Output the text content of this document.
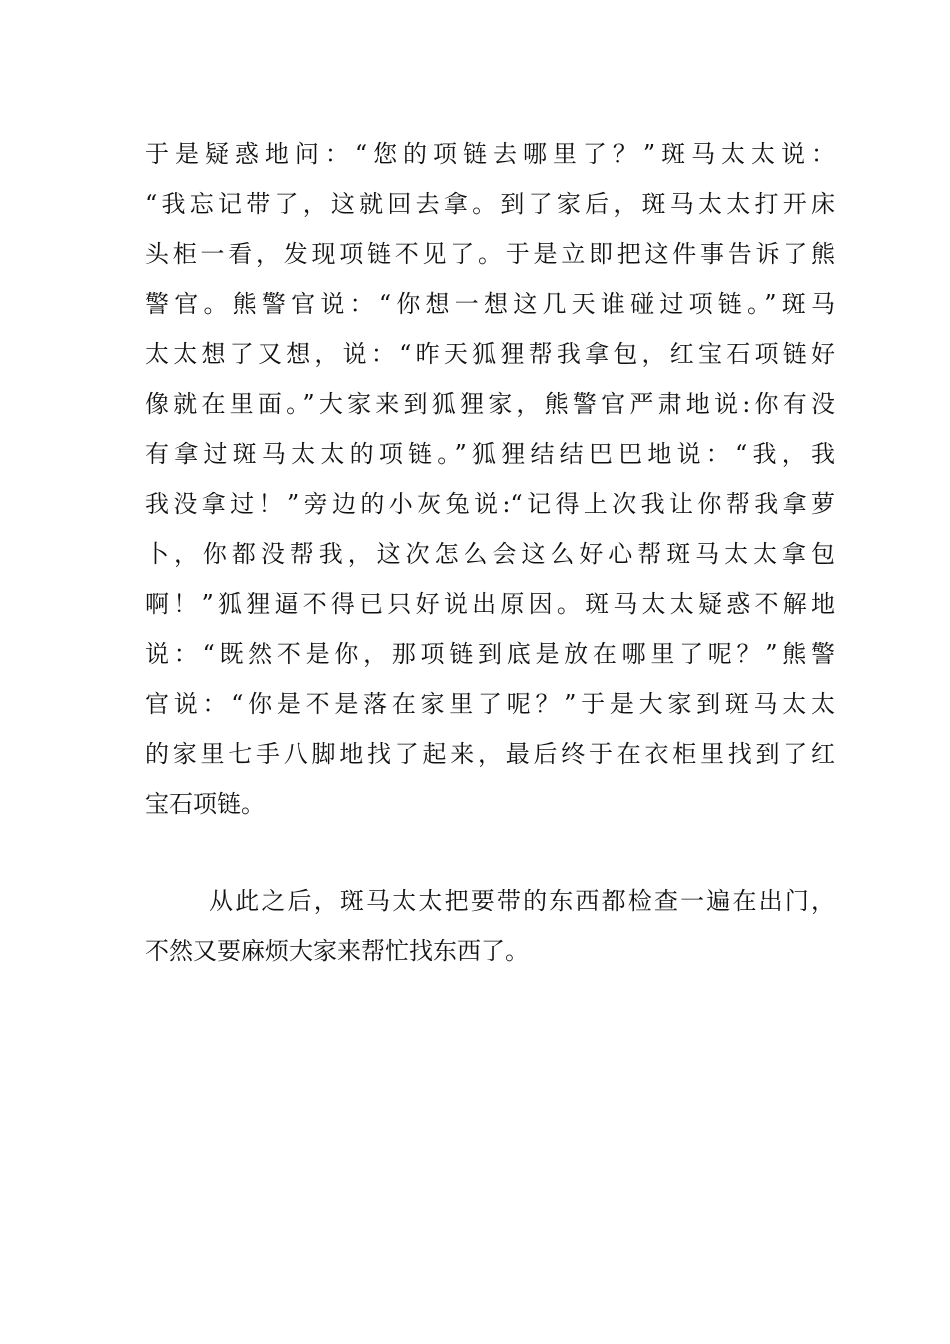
于是疑惑地问：“您的项链去哪里了？”斑马太太说：
“我忘记带了，这就回去拿。到了家后，斑马太太打开床
头柜一看，发现项链不见了。于是立即把这件事告诉了熊
警官。熊警官说：“你想一想这几天谁碰过项链。”斑马
太太想了又想，说：“昨天狐狸帮我拿包，红宝石项链好
像就在里面。”大家来到狐狸家，熊警官严肃地说:你有没
有拿过斑马太太的项链。”狐狸结结巴巴地说：“我，我
我没拿过！”旁边的小灰兔说:“记得上次我让你帮我拿萝
卜，你都没帮我，这次怎么会这么好心帮斑马太太拿包
啊！”狐狸逼不得已只好说出原因。斑马太太疑惑不解地
说：“既然不是你，那项链到底是放在哪里了呢？”熊警
官说：“你是不是落在家里了呢？”于是大家到斑马太太
的家里七手八脚地找了起来，最后终于在衣柜里找到了红
宝石项链。
从此之后，斑马太太把要带的东西都检查一遍在出门，
不然又要麻烦大家来帮忙找东西了。
